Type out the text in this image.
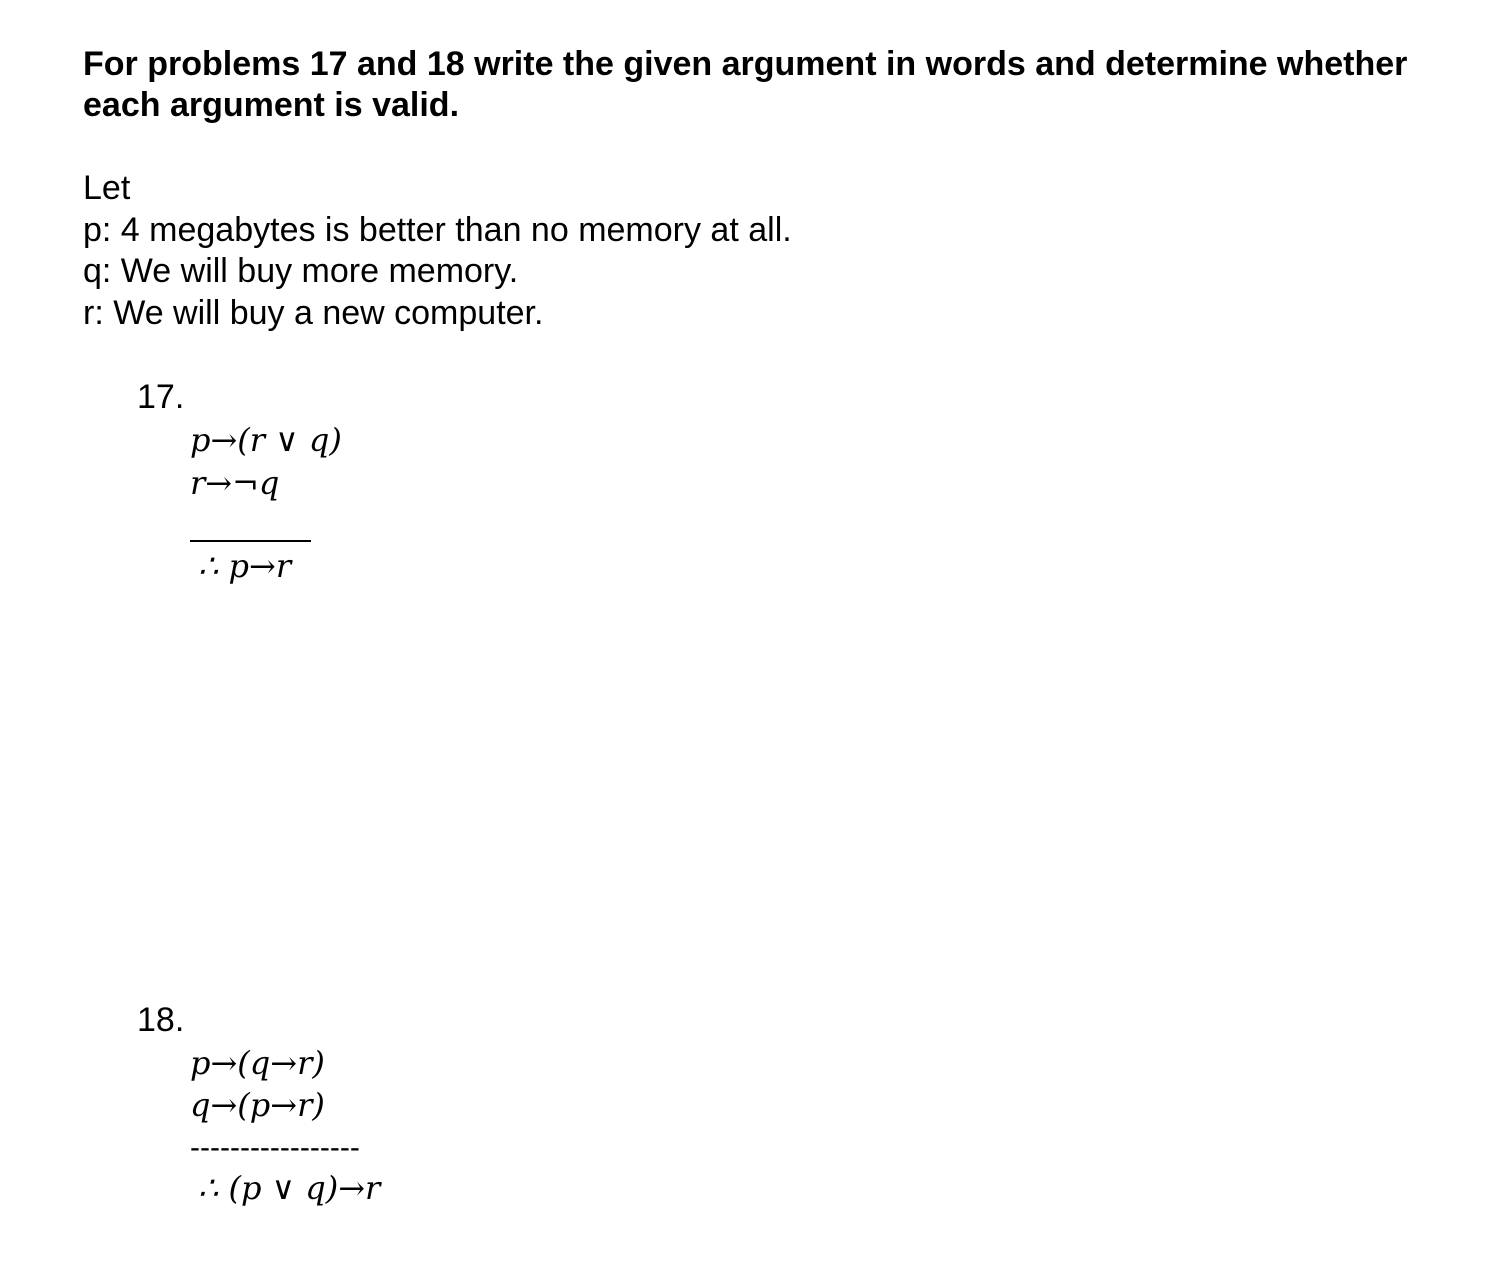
For problems 17 and 18 write the given argument in words and determine whether each argument is valid.

Let
p: 4 megabytes is better than no memory at all.
q: We will buy more memory.
r: We will buy a new computer.
17.
p→(r ∨ q)
r→¬q
∴ p→r
18.
p→(q→r)
q→(p→r)
-----------------
∴ (p ∨ q)→r
